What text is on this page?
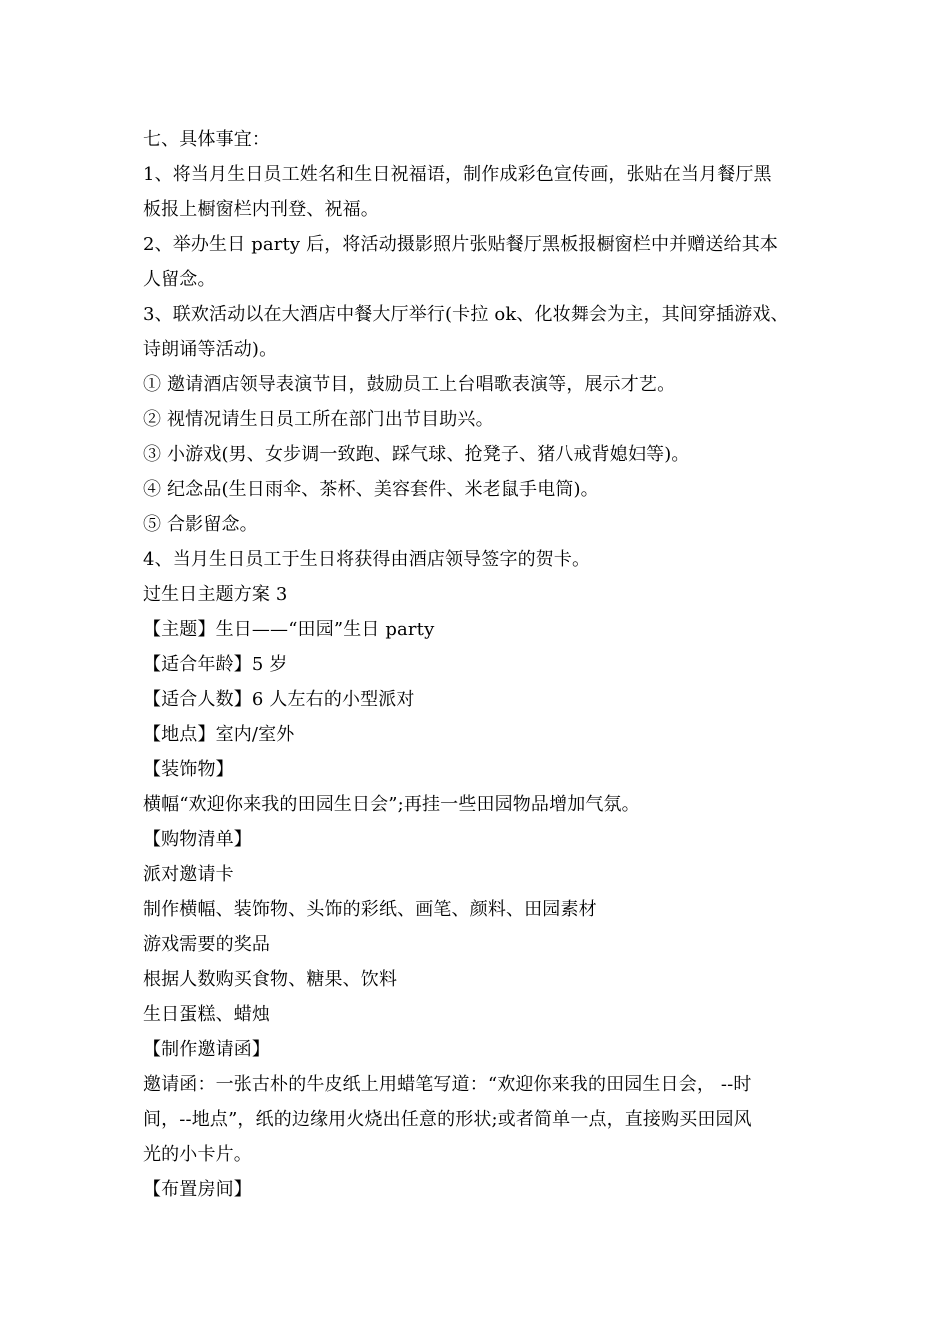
七、具体事宜：
1、将当月生日员工姓名和生日祝福语，制作成彩色宣传画，张贴在当月餐厅黑
板报上橱窗栏内刊登、祝福。
2、举办生日 party 后，将活动摄影照片张贴餐厅黑板报橱窗栏中并赠送给其本
人留念。
3、联欢活动以在大酒店中餐大厅举行(卡拉 ok、化妆舞会为主，其间穿插游戏、
诗朗诵等活动)。
① 邀请酒店领导表演节目，鼓励员工上台唱歌表演等，展示才艺。
② 视情况请生日员工所在部门出节目助兴。
③ 小游戏(男、女步调一致跑、踩气球、抢凳子、猪八戒背媳妇等)。
④ 纪念品(生日雨伞、茶杯、美容套件、米老鼠手电筒)。
⑤ 合影留念。
4、当月生日员工于生日将获得由酒店领导签字的贺卡。
过生日主题方案 3
【主题】生日——“田园”生日 party
【适合年龄】5 岁
【适合人数】6 人左右的小型派对
【地点】室内/室外
【装饰物】
横幅“欢迎你来我的田园生日会”;再挂一些田园物品增加气氛。
【购物清单】
派对邀请卡
制作横幅、装饰物、头饰的彩纸、画笔、颜料、田园素材
游戏需要的奖品
根据人数购买食物、糖果、饮料
生日蛋糕、蜡烛
【制作邀请函】
邀请函：一张古朴的牛皮纸上用蜡笔写道：“欢迎你来我的田园生日会， --时
间，--地点”，纸的边缘用火烧出任意的形状;或者简单一点，直接购买田园风
光的小卡片。
【布置房间】
